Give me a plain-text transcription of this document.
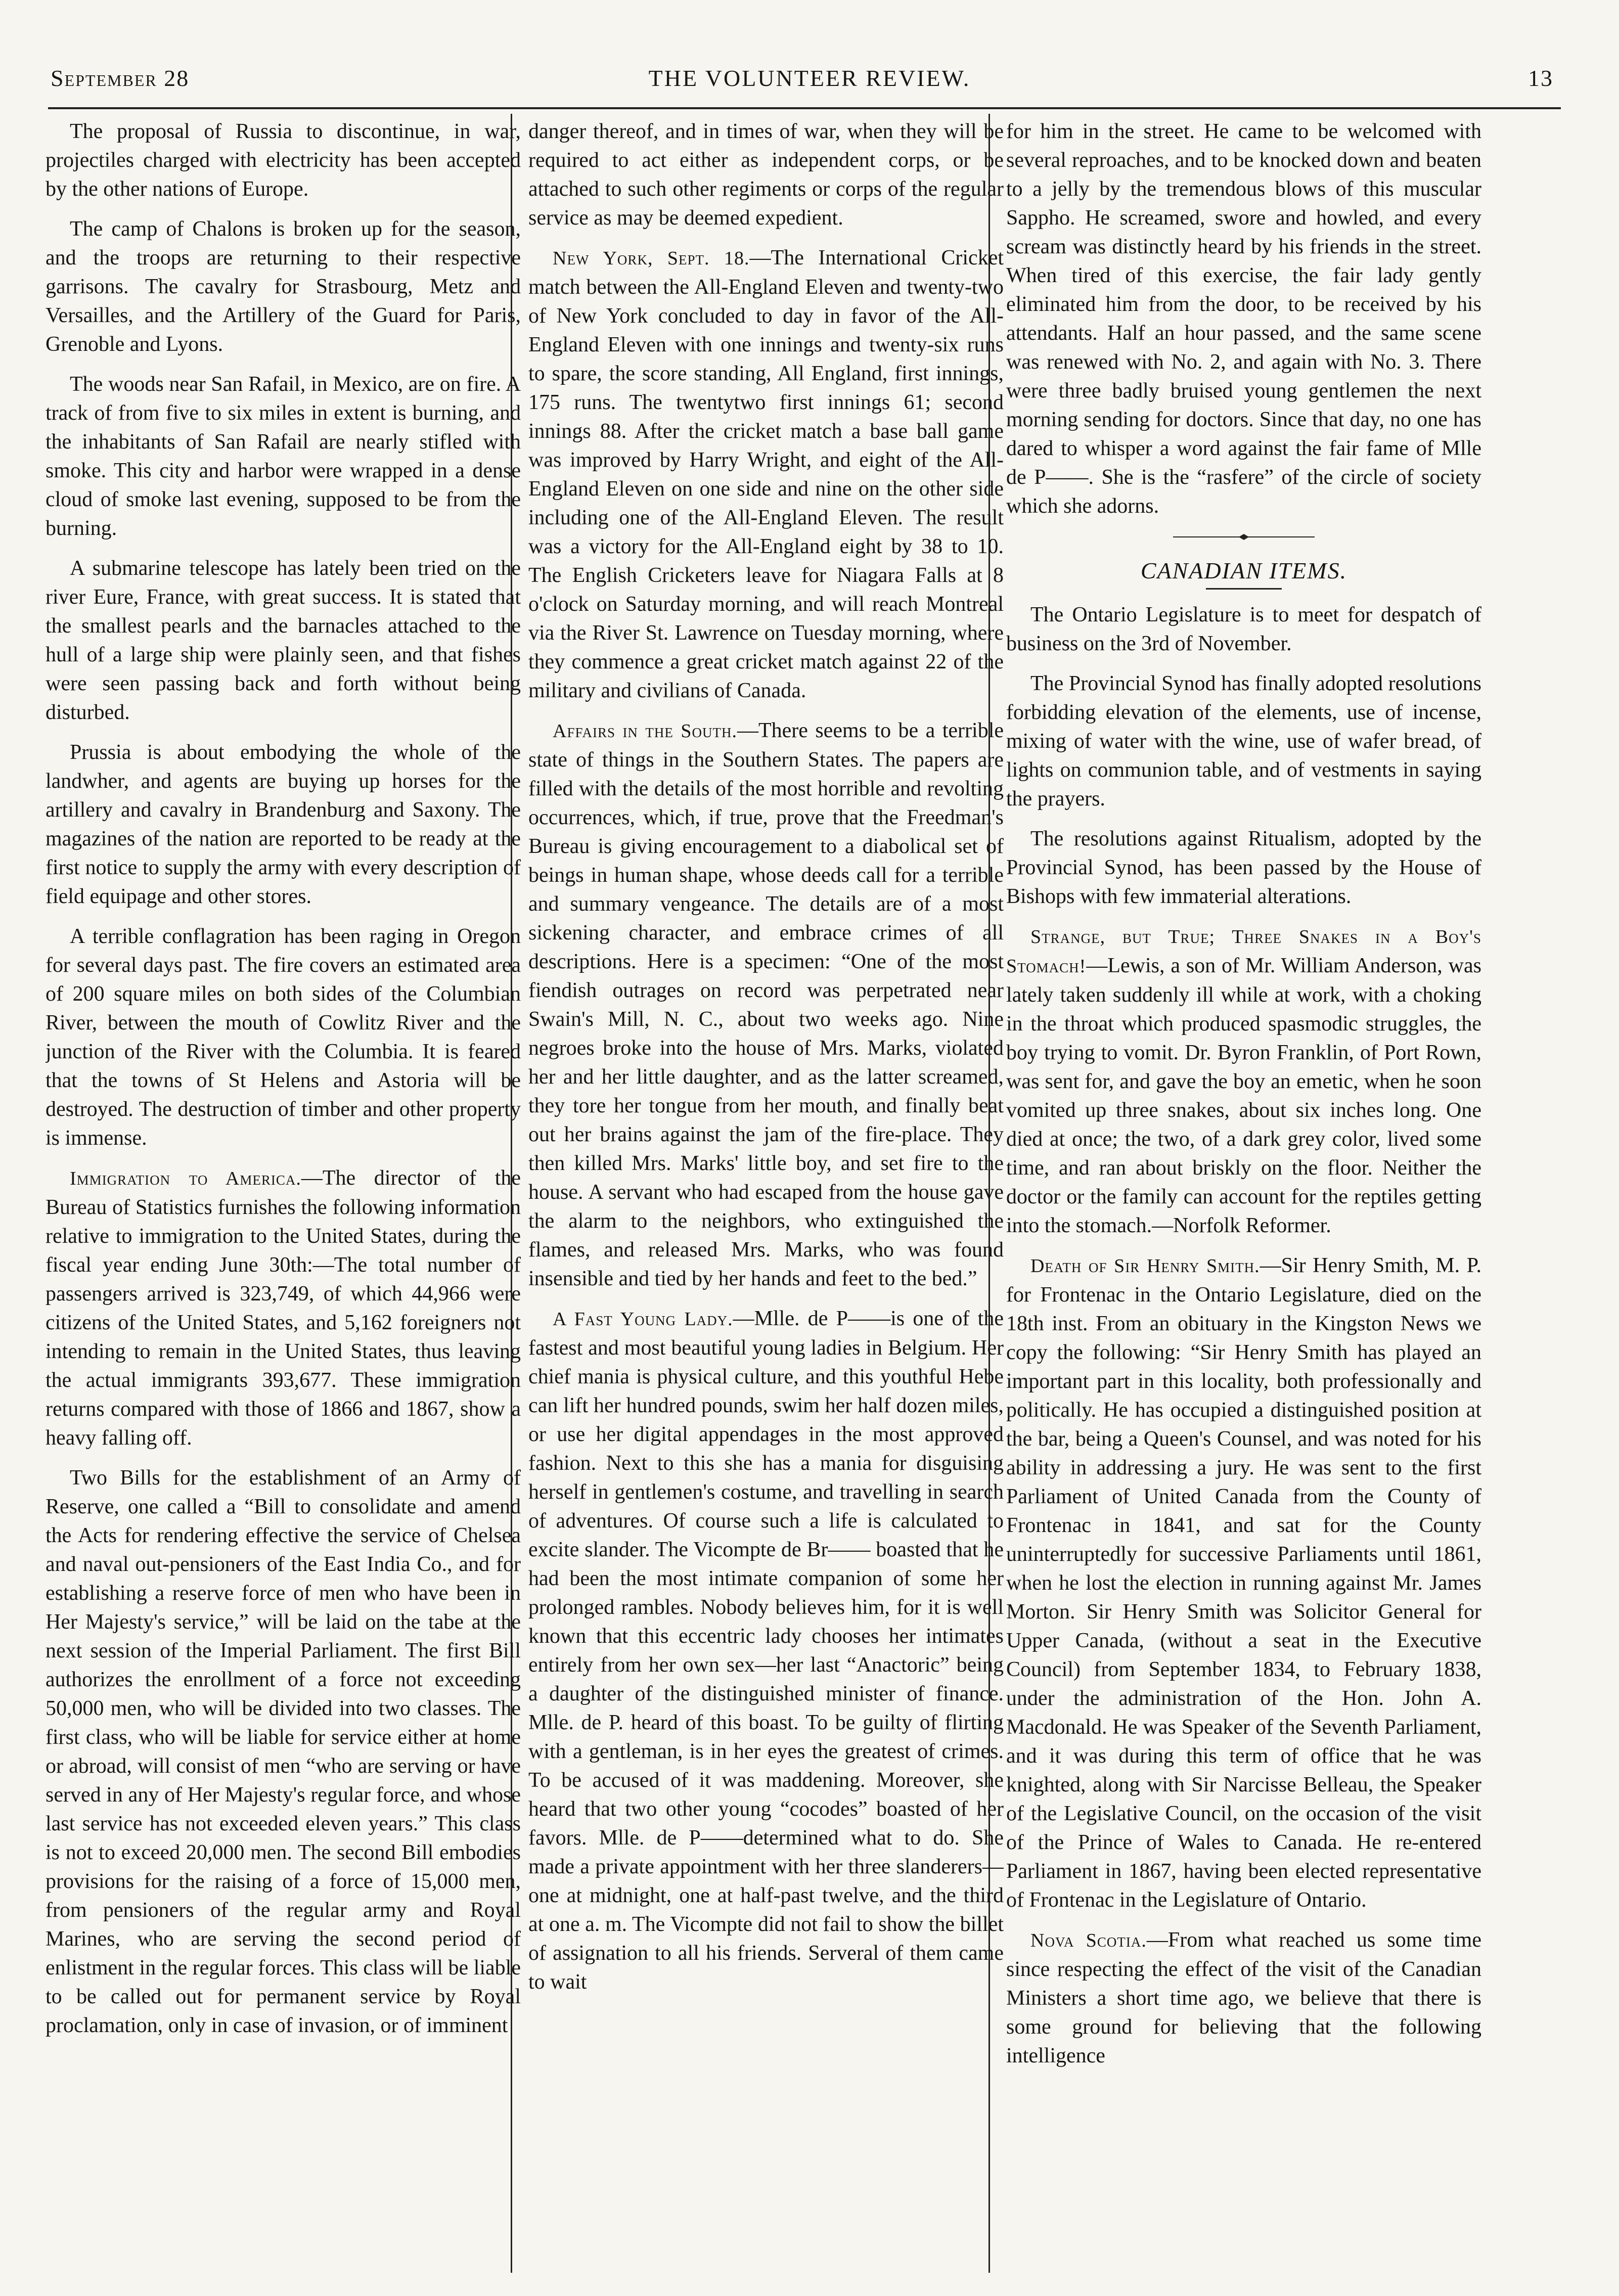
September 28	THE VOLUNTEER REVIEW.	13

The proposal of Russia to discontinue, in war, projectiles charged with electricity has been accepted by the other nations of Europe.

The camp of Chalons is broken up for the season, and the troops are returning to their respective garrisons. The cavalry for Strasbourg, Metz and Versailles, and the Artillery of the Guard for Paris, Grenoble and Lyons.

The woods near San Rafail, in Mexico, are on fire. A track of from five to six miles in extent is burning, and the inhabitants of San Rafail are nearly stifled with smoke. This city and harbor were wrapped in a dense cloud of smoke last evening, supposed to be from the burning.

A submarine telescope has lately been tried on the river Eure, France, with great success. It is stated that the smallest pearls and the barnacles attached to the hull of a large ship were plainly seen, and that fishes were seen passing back and forth without being disturbed.

Prussia is about embodying the whole of the landwher, and agents are buying up horses for the artillery and cavalry in Brandenburg and Saxony. The magazines of the nation are reported to be ready at the first notice to supply the army with every description of field equipage and other stores.

A terrible conflagration has been raging in Oregon for several days past. The fire covers an estimated area of 200 square miles on both sides of the Columbian River, between the mouth of Cowlitz River and the junction of the River with the Columbia. It is feared that the towns of St Helens and Astoria will be destroyed. The destruction of timber and other property is immense.

Immigration to America.—The director of the Bureau of Statistics furnishes the following information relative to immigration to the United States, during the fiscal year ending June 30th:—The total number of passengers arrived is 323,749, of which 44,966 were citizens of the United States, and 5,162 foreigners not intending to remain in the United States, thus leaving the actual immigrants 393,677. These immigration returns compared with those of 1866 and 1867, show a heavy falling off.

Two Bills for the establishment of an Army of Reserve, one called a “Bill to consolidate and amend the Acts for rendering effective the service of Chelsea and naval out-pensioners of the East India Co., and for establishing a reserve force of men who have been in Her Majesty's service,” will be laid on the tabe at the next session of the Imperial Parliament. The first Bill authorizes the enrollment of a force not exceeding 50,000 men, who will be divided into two classes. The first class, who will be liable for service either at home or abroad, will consist of men “who are serving or have served in any of Her Majesty's regular force, and whose last service has not exceeded eleven years.” This class is not to exceed 20,000 men. The second Bill embodies provisions for the raising of a force of 15,000 men, from pensioners of the regular army and Royal Marines, who are serving the second period of enlistment in the regular forces. This class will be liable to be called out for permanent service by Royal proclamation, only in case of invasion, or of imminent

danger thereof, and in times of war, when they will be required to act either as independent corps, or be attached to such other regiments or corps of the regular service as may be deemed expedient.

New York, Sept. 18.—The International Cricket match between the All-England Eleven and twenty-two of New York concluded to day in favor of the All-England Eleven with one innings and twenty-six runs to spare, the score standing, All England, first innings, 175 runs. The twentytwo first innings 61; second innings 88. After the cricket match a base ball game was improved by Harry Wright, and eight of the All-England Eleven on one side and nine on the other side including one of the All-England Eleven. The result was a victory for the All-England eight by 38 to 10. The English Cricketers leave for Niagara Falls at 8 o'clock on Saturday morning, and will reach Montreal via the River St. Lawrence on Tuesday morning, where they commence a great cricket match against 22 of the military and civilians of Canada.

Affairs in the South.—There seems to be a terrible state of things in the Southern States. The papers are filled with the details of the most horrible and revolting occurrences, which, if true, prove that the Freedman's Bureau is giving encouragement to a diabolical set of beings in human shape, whose deeds call for a terrible and summary vengeance. The details are of a most sickening character, and embrace crimes of all descriptions. Here is a specimen: “One of the most fiendish outrages on record was perpetrated near Swain's Mill, N. C., about two weeks ago. Nine negroes broke into the house of Mrs. Marks, violated her and her little daughter, and as the latter screamed, they tore her tongue from her mouth, and finally beat out her brains against the jam of the fire-place. They then killed Mrs. Marks' little boy, and set fire to the house. A servant who had escaped from the house gave the alarm to the neighbors, who extinguished the flames, and released Mrs. Marks, who was found insensible and tied by her hands and feet to the bed.”

A Fast Young Lady.—Mlle. de P——is one of the fastest and most beautiful young ladies in Belgium. Her chief mania is physical culture, and this youthful Hebe can lift her hundred pounds, swim her half dozen miles, or use her digital appendages in the most approved fashion. Next to this she has a mania for disguising herself in gentlemen's costume, and travelling in search of adventures. Of course such a life is calculated to excite slander. The Vicompte de Br—— boasted that he had been the most intimate companion of some her prolonged rambles. Nobody believes him, for it is well known that this eccentric lady chooses her intimates entirely from her own sex—her last “Anactoric” being a daughter of the distinguished minister of finance. Mlle. de P. heard of this boast. To be guilty of flirting with a gentleman, is in her eyes the greatest of crimes. To be accused of it was maddening. Moreover, she heard that two other young “cocodes” boasted of her favors. Mlle. de P——determined what to do. She made a private appointment with her three slanderers—one at midnight, one at half-past twelve, and the third at one a. m. The Vicompte did not fail to show the billet of assignation to all his friends. Serveral of them came to wait

for him in the street. He came to be welcomed with several reproaches, and to be knocked down and beaten to a jelly by the tremendous blows of this muscular Sappho. He screamed, swore and howled, and every scream was distinctly heard by his friends in the street. When tired of this exercise, the fair lady gently eliminated him from the door, to be received by his attendants. Half an hour passed, and the same scene was renewed with No. 2, and again with No. 3. There were three badly bruised young gentlemen the next morning sending for doctors. Since that day, no one has dared to whisper a word against the fair fame of Mlle de P——. She is the “rasfere” of the circle of society which she adorns.

CANADIAN ITEMS.

The Ontario Legislature is to meet for despatch of business on the 3rd of November.

The Provincial Synod has finally adopted resolutions forbidding elevation of the elements, use of incense, mixing of water with the wine, use of wafer bread, of lights on communion table, and of vestments in saying the prayers.

The resolutions against Ritualism, adopted by the Provincial Synod, has been passed by the House of Bishops with few immaterial alterations.

Strange, but True; Three Snakes in a Boy's Stomach!—Lewis, a son of Mr. William Anderson, was lately taken suddenly ill while at work, with a choking in the throat which produced spasmodic struggles, the boy trying to vomit. Dr. Byron Franklin, of Port Rown, was sent for, and gave the boy an emetic, when he soon vomited up three snakes, about six inches long. One died at once; the two, of a dark grey color, lived some time, and ran about briskly on the floor. Neither the doctor or the family can account for the reptiles getting into the stomach.—Norfolk Reformer.

Death of Sir Henry Smith.—Sir Henry Smith, M. P. for Frontenac in the Ontario Legislature, died on the 18th inst. From an obituary in the Kingston News we copy the following: “Sir Henry Smith has played an important part in this locality, both professionally and politically. He has occupied a distinguished position at the bar, being a Queen's Counsel, and was noted for his ability in addressing a jury. He was sent to the first Parliament of United Canada from the County of Frontenac in 1841, and sat for the County uninterruptedly for successive Parliaments until 1861, when he lost the election in running against Mr. James Morton. Sir Henry Smith was Solicitor General for Upper Canada, (without a seat in the Executive Council) from September 1834, to February 1838, under the administration of the Hon. John A. Macdonald. He was Speaker of the Seventh Parliament, and it was during this term of office that he was knighted, along with Sir Narcisse Belleau, the Speaker of the Legislative Council, on the occasion of the visit of the Prince of Wales to Canada. He re-entered Parliament in 1867, having been elected representative of Frontenac in the Legislature of Ontario.

Nova Scotia.—From what reached us some time since respecting the effect of the visit of the Canadian Ministers a short time ago, we believe that there is some ground for believing that the following intelligence
